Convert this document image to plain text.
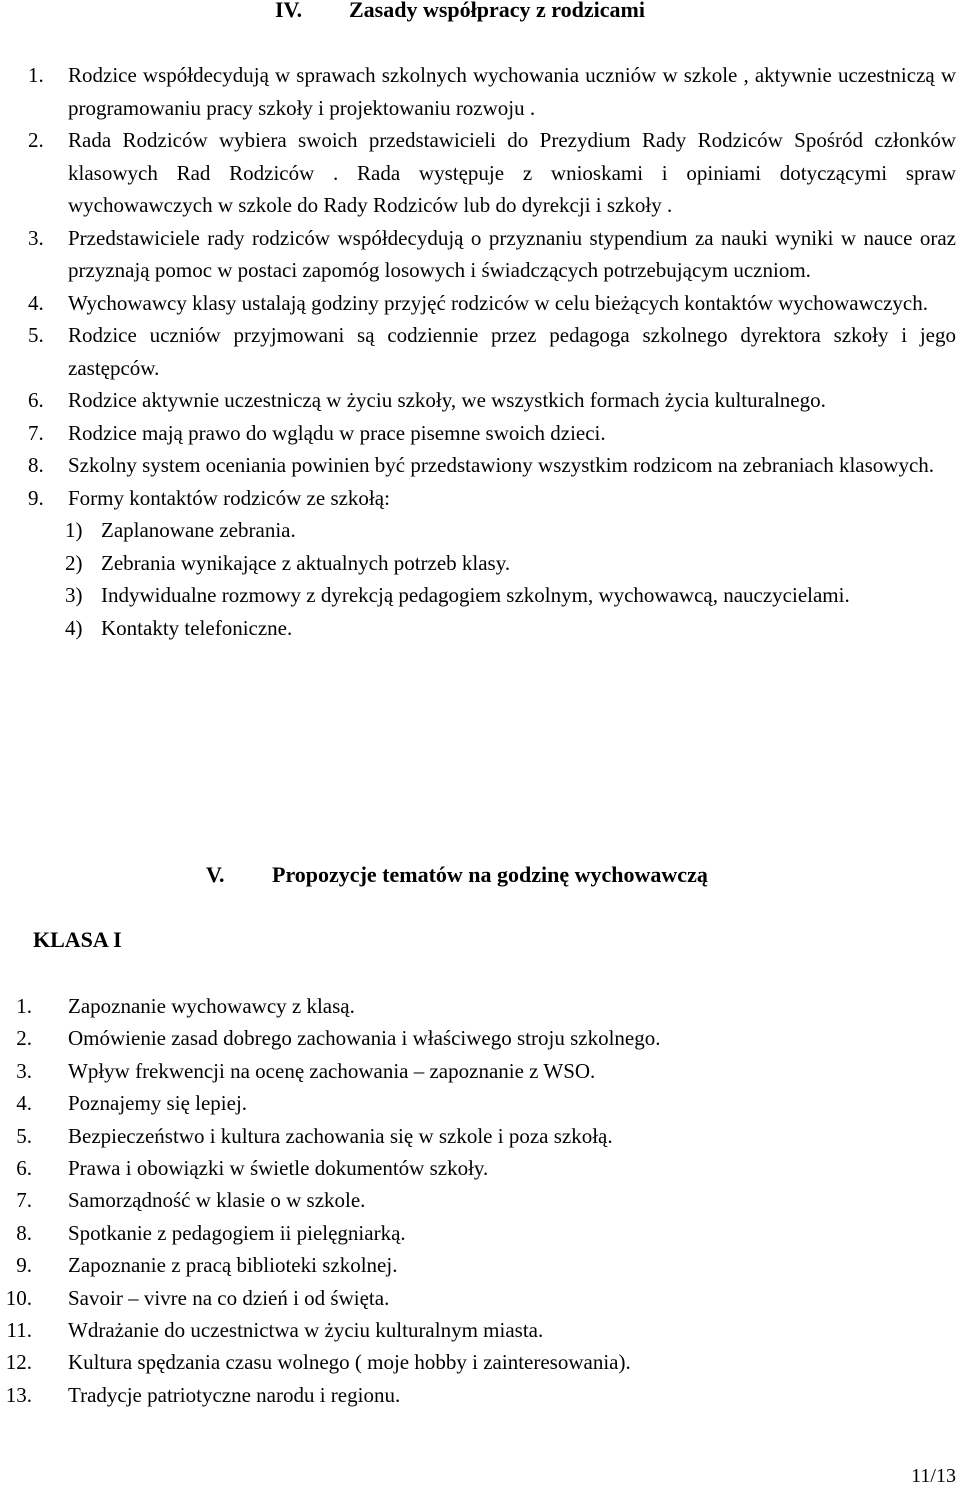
IV. Zasady współpracy z rodzicami
1. Rodzice współdecydują w sprawach szkolnych wychowania uczniów w szkole , aktywnie uczestniczą w programowaniu pracy szkoły i projektowaniu rozwoju .
2. Rada Rodziców wybiera swoich przedstawicieli do Prezydium Rady Rodziców Spośród członków klasowych Rad Rodziców . Rada występuje z wnioskami i opiniami dotyczącymi spraw wychowawczych w szkole do Rady Rodziców lub do dyrekcji i szkoły .
3. Przedstawiciele rady rodziców współdecydują o przyznaniu stypendium za nauki wyniki w nauce oraz przyznają pomoc w postaci zapomóg losowych i świadczących potrzebującym uczniom.
4. Wychowawcy klasy ustalają godziny przyjęć rodziców w celu bieżących kontaktów wychowawczych.
5. Rodzice uczniów przyjmowani są codziennie przez pedagoga szkolnego dyrektora szkoły i jego zastępców.
6. Rodzice aktywnie uczestniczą w życiu szkoły, we wszystkich formach życia kulturalnego.
7. Rodzice mają prawo do wglądu w prace pisemne swoich dzieci.
8. Szkolny system oceniania powinien być przedstawiony wszystkim rodzicom na zebraniach klasowych.
9. Formy kontaktów rodziców ze szkołą:
1) Zaplanowane zebrania.
2) Zebrania wynikające z aktualnych potrzeb klasy.
3) Indywidualne rozmowy z dyrekcją pedagogiem szkolnym, wychowawcą, nauczycielami.
4) Kontakty telefoniczne.
V. Propozycje tematów na godzinę wychowawczą
KLASA I
1. Zapoznanie wychowawcy z klasą.
2. Omówienie zasad dobrego zachowania i właściwego stroju szkolnego.
3. Wpływ frekwencji na ocenę zachowania – zapoznanie z WSO.
4. Poznajemy się lepiej.
5. Bezpieczeństwo i kultura zachowania się w szkole i poza szkołą.
6. Prawa i obowiązki w świetle dokumentów szkoły.
7. Samorządność w klasie o w szkole.
8. Spotkanie z pedagogiem ii pielęgniarką.
9. Zapoznanie z pracą biblioteki szkolnej.
10. Savoir – vivre na co dzień i od święta.
11. Wdrażanie do uczestnictwa w życiu kulturalnym miasta.
12. Kultura spędzania czasu wolnego ( moje hobby i zainteresowania).
13. Tradycje patriotyczne narodu i regionu.
11/13
